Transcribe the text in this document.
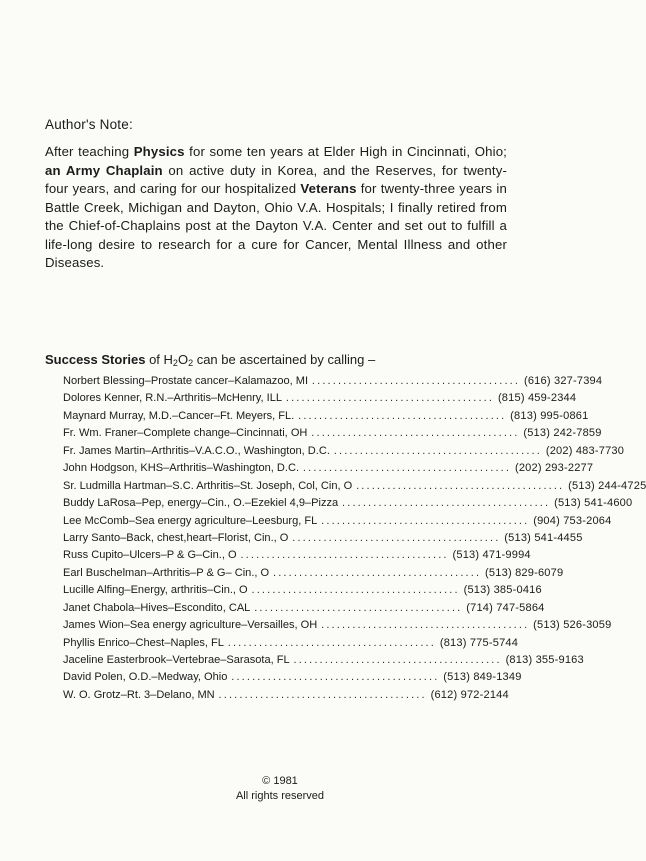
Author's Note:
After teaching Physics for some ten years at Elder High in Cincinnati, Ohio; an Army Chaplain on active duty in Korea, and the Reserves, for twenty-four years, and caring for our hospitalized Veterans for twenty-three years in Battle Creek, Michigan and Dayton, Ohio V.A. Hospitals; I finally retired from the Chief-of-Chaplains post at the Dayton V.A. Center and set out to fulfill a life-long desire to research for a cure for Cancer, Mental Illness and other Diseases.
Success Stories of $H_2O_2$ can be ascertained by calling –
Norbert Blessing–Prostate cancer–Kalamazoo, MI ........................................ (616) 327-7394
Dolores Kenner, R.N.–Arthritis–McHenry, ILL ........................................ (815) 459-2344
Maynard Murray, M.D.–Cancer–Ft. Meyers, FL. ........................................ (813) 995-0861
Fr. Wm. Franer–Complete change–Cincinnati, OH ........................................ (513) 242-7859
Fr. James Martin–Arthritis–V.A.C.O., Washington, D.C. ........................................ (202) 483-7730
John Hodgson, KHS–Arthritis–Washington, D.C. ........................................ (202) 293-2277
Sr. Ludmilla Hartman–S.C. Arthritis–St. Joseph, Col, Cin, O ........................................ (513) 244-4725
Buddy LaRosa–Pep, energy–Cin., O.–Ezekiel 4,9–Pizza ........................................ (513) 541-4600
Lee McComb–Sea energy agriculture–Leesburg, FL ........................................ (904) 753-2064
Larry Santo–Back, chest,heart–Florist, Cin., O ........................................ (513) 541-4455
Russ Cupito–Ulcers–P & G–Cin., O ........................................ (513) 471-9994
Earl Buschelman–Arthritis–P & G– Cin., O ........................................ (513) 829-6079
Lucille Alfing–Energy, arthritis–Cin., O ........................................ (513) 385-0416
Janet Chabola–Hives–Escondito, CAL ........................................ (714) 747-5864
James Wion–Sea energy agriculture–Versailles, OH ........................................ (513) 526-3059
Phyllis Enrico–Chest–Naples, FL ........................................ (813) 775-5744
Jaceline Easterbrook–Vertebrae–Sarasota, FL ........................................ (813) 355-9163
David Polen, O.D.–Medway, Ohio ........................................ (513) 849-1349
W. O. Grotz–Rt. 3–Delano, MN ........................................ (612) 972-2144
© 1981
All rights reserved
